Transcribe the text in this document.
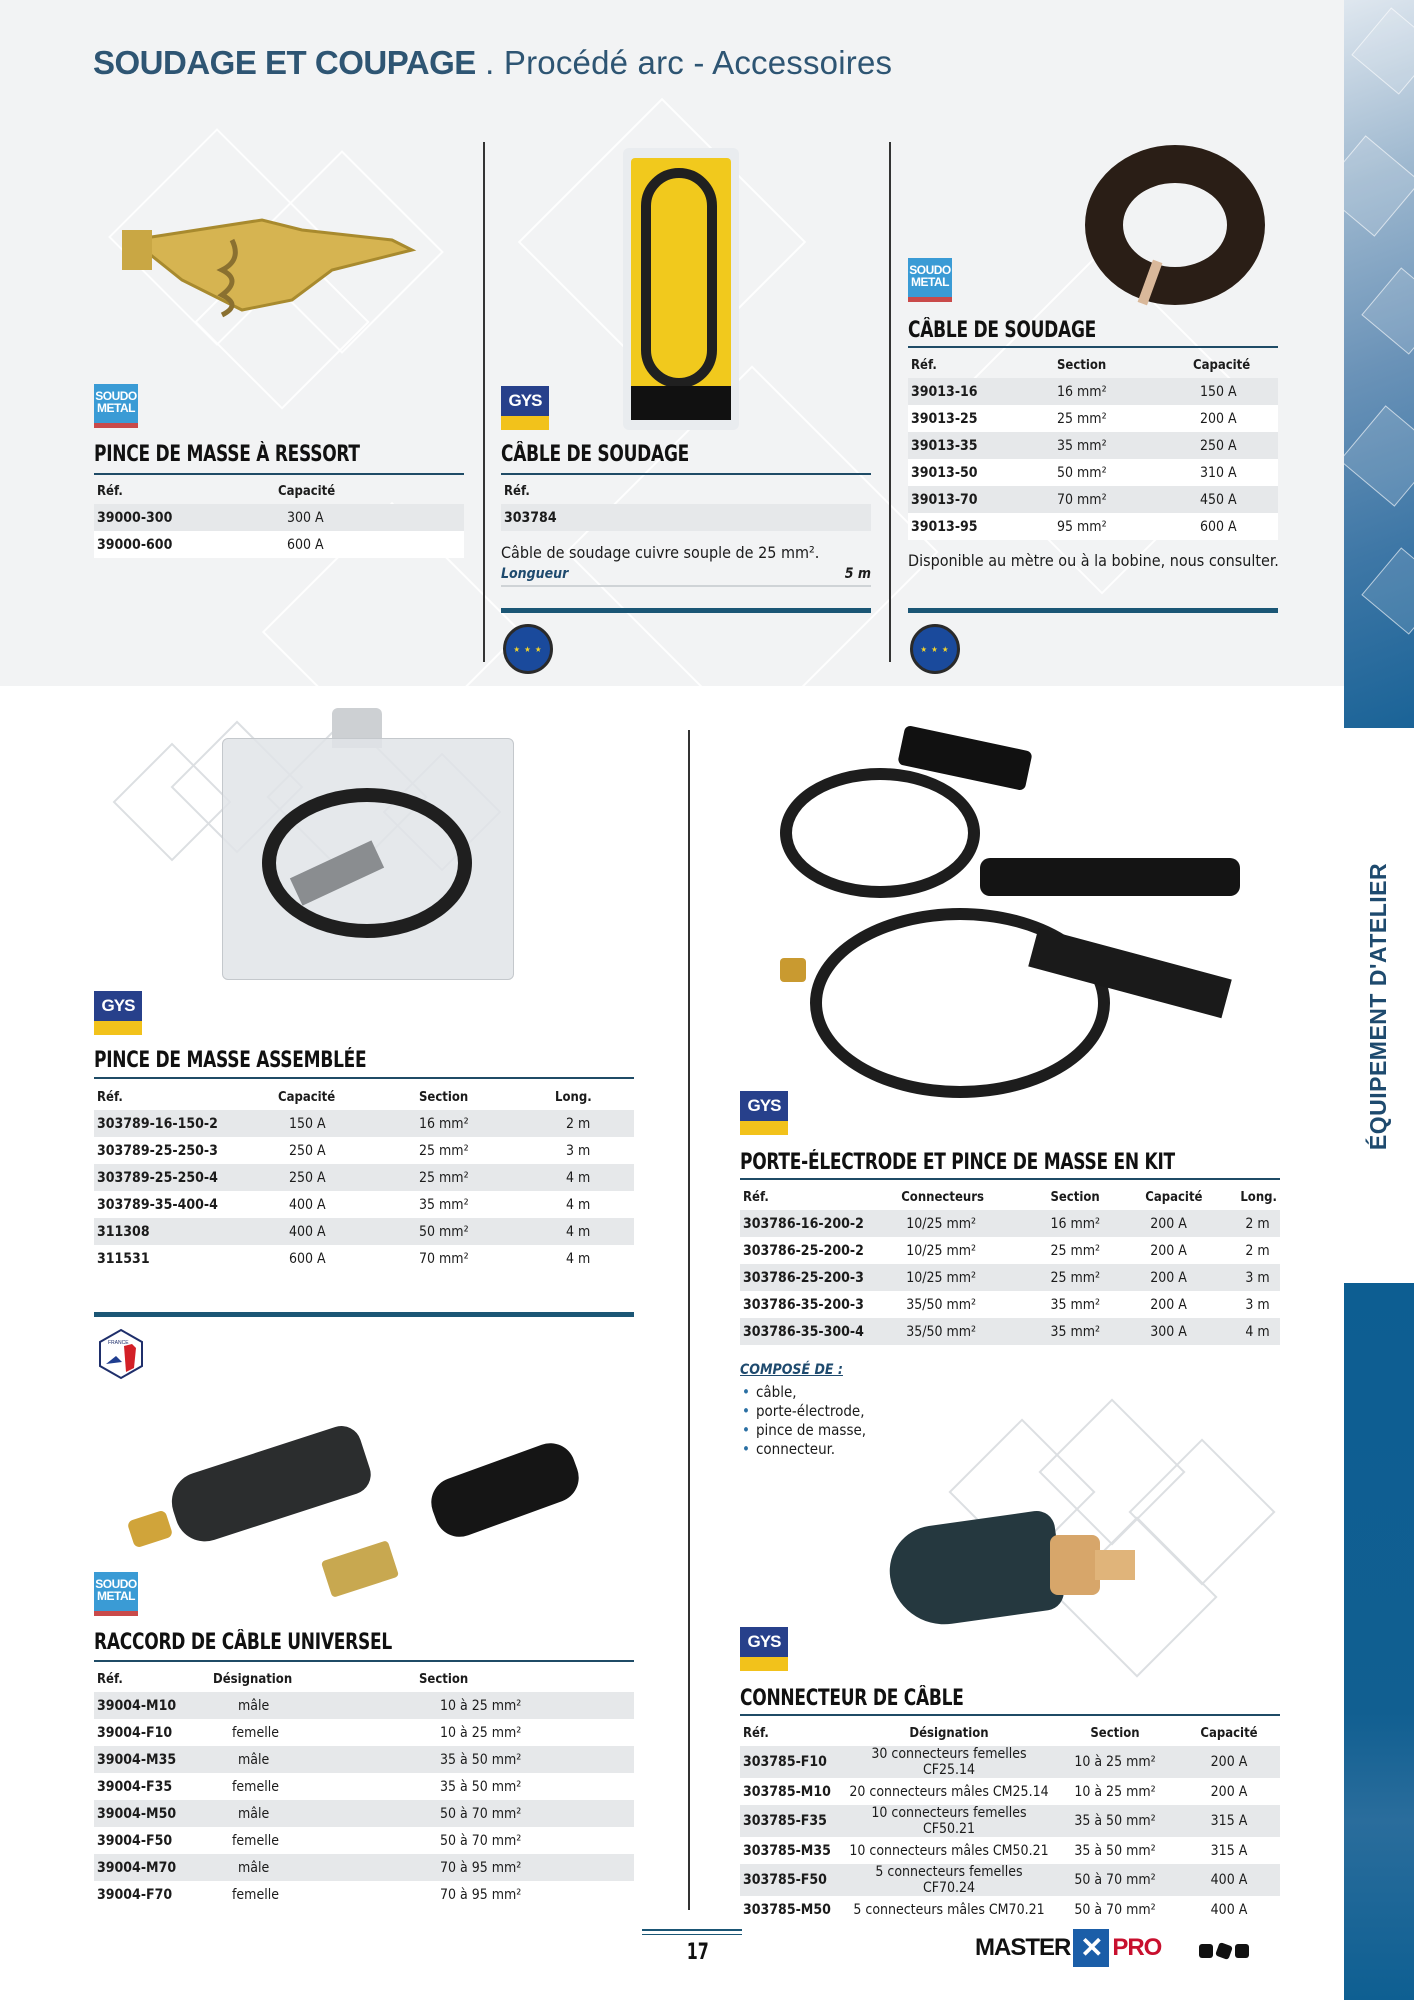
SOUDAGE ET COUPAGE . Procédé arc - Accessoires
ÉQUIPEMENT D'ATELIER
SOUDO METAL
PINCE DE MASSE À RESSORT
Réf.	Capacité
39000-300	300 A
39000-600	600 A
GYS
CÂBLE DE SOUDAGE
Réf.
303784
Câble de soudage cuivre souple de 25 mm².
Longueur	5 m
★ ★ ★
SOUDO METAL
CÂBLE DE SOUDAGE
Réf.	Section	Capacité
39013-16	16 mm²	150 A
39013-25	25 mm²	200 A
39013-35	35 mm²	250 A
39013-50	50 mm²	310 A
39013-70	70 mm²	450 A
39013-95	95 mm²	600 A
Disponible au mètre ou à la bobine, nous consulter.
★ ★ ★
GYS
PINCE DE MASSE ASSEMBLÉE
Réf.	Capacité	Section	Long.
303789-16-150-2	150 A	16 mm²	2 m
303789-25-250-3	250 A	25 mm²	3 m
303789-25-250-4	250 A	25 mm²	4 m
303789-35-400-4	400 A	35 mm²	4 m
311308	400 A	50 mm²	4 m
311531	600 A	70 mm²	4 m
FRANCE
SOUDO METAL
RACCORD DE CÂBLE UNIVERSEL
Réf.	Désignation	Section
39004-M10	mâle	10 à 25 mm²
39004-F10	femelle	10 à 25 mm²
39004-M35	mâle	35 à 50 mm²
39004-F35	femelle	35 à 50 mm²
39004-M50	mâle	50 à 70 mm²
39004-F50	femelle	50 à 70 mm²
39004-M70	mâle	70 à 95 mm²
39004-F70	femelle	70 à 95 mm²
GYS
PORTE-ÉLECTRODE ET PINCE DE MASSE EN KIT
Réf.	Connecteurs	Section	Capacité	Long.
303786-16-200-2	10/25 mm²	16 mm²	200 A	2 m
303786-25-200-2	10/25 mm²	25 mm²	200 A	2 m
303786-25-200-3	10/25 mm²	25 mm²	200 A	3 m
303786-35-200-3	35/50 mm²	35 mm²	200 A	3 m
303786-35-300-4	35/50 mm²	35 mm²	300 A	4 m
COMPOSÉ DE :
• câble,
• porte-électrode,
• pince de masse,
• connecteur.
GYS
CONNECTEUR DE CÂBLE
Réf.	Désignation	Section	Capacité
303785-F10	30 connecteurs femelles CF25.14	10 à 25 mm²	200 A
303785-M10	20 connecteurs mâles CM25.14	10 à 25 mm²	200 A
303785-F35	10 connecteurs femelles CF50.21	35 à 50 mm²	315 A
303785-M35	10 connecteurs mâles CM50.21	35 à 50 mm²	315 A
303785-F50	5 connecteurs femelles CF70.24	50 à 70 mm²	400 A
303785-M50	5 connecteurs mâles CM70.21	50 à 70 mm²	400 A
17	MASTER ✕ PRO
